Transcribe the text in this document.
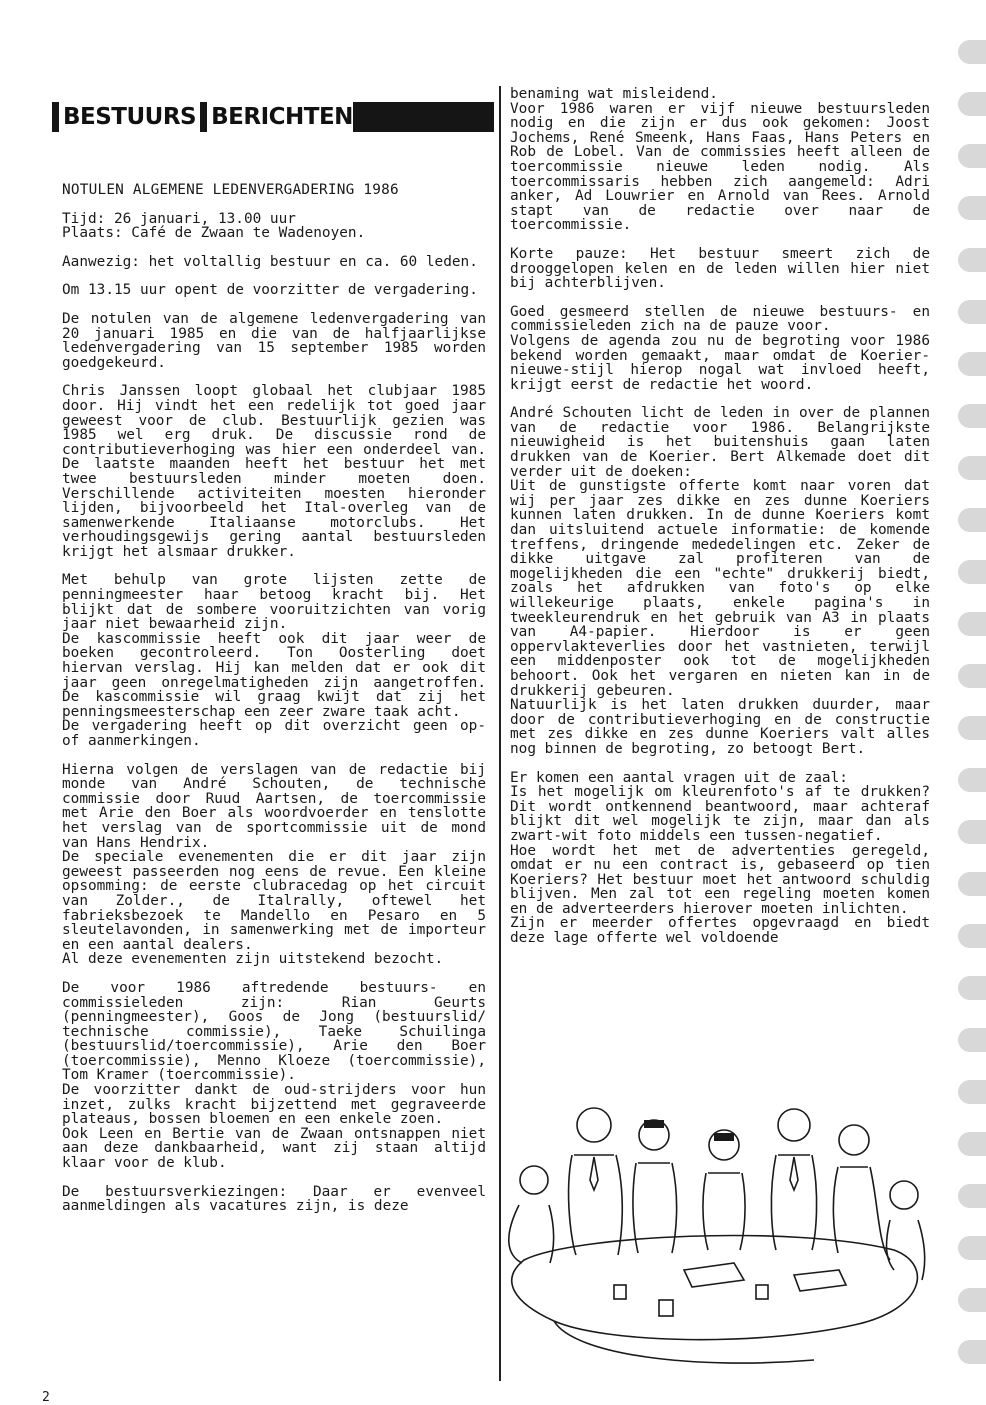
BESTUURS BERICHTEN
NOTULEN ALGEMENE LEDENVERGADERING 1986

Tijd: 26 januari, 13.00 uur
Plaats: Café de Zwaan te Wadenoyen.

Aanwezig: het voltallig bestuur en ca. 60 leden.

Om 13.15 uur opent de voorzitter de vergadering.

De notulen van de algemene ledenvergadering van 20 januari 1985 en die van de halfjaarlijkse ledenvergadering van 15 september 1985 worden goedgekeurd.

Chris Janssen loopt globaal het clubjaar 1985 door. Hij vindt het een redelijk tot goed jaar geweest voor de club. Bestuurlijk gezien was 1985 wel erg druk. De discussie rond de contributieverhoging was hier een onderdeel van. De laatste maanden heeft het bestuur het met twee bestuursleden minder moeten doen. Verschillende activiteiten moesten hieronder lijden, bijvoorbeeld het Ital-overleg van de samenwerkende Italiaanse motorclubs. Het verhoudingsgewijs gering aantal bestuursleden krijgt het alsmaar drukker.

Met behulp van grote lijsten zette de penningmeester haar betoog kracht bij. Het blijkt dat de sombere vooruitzichten van vorig jaar niet bewaarheid zijn.
De kascommissie heeft ook dit jaar weer de boeken gecontroleerd. Ton Oosterling doet hiervan verslag. Hij kan melden dat er ook dit jaar geen onregelmatigheden zijn aangetroffen. De kascommissie wil graag kwijt dat zij het penningsmeesterschap een zeer zware taak acht.
De vergadering heeft op dit overzicht geen op- of aanmerkingen.

Hierna volgen de verslagen van de redactie bij monde van André Schouten, de technische commissie door Ruud Aartsen, de toercommissie met Arie den Boer als woordvoerder en tenslotte het verslag van de sportcommissie uit de mond van Hans Hendrix.
De speciale evenementen die er dit jaar zijn geweest passeerden nog eens de revue. Een kleine opsomming: de eerste clubracedag op het circuit van Zolder., de Italrally, oftewel het fabrieksbezoek te Mandello en Pesaro en 5 sleutelavonden, in samenwerking met de importeur en een aantal dealers.
Al deze evenementen zijn uitstekend bezocht.

De voor 1986 aftredende bestuurs- en commissieleden zijn: Rian Geurts (penningmeester), Goos de Jong (bestuurslid/ technische commissie), Taeke Schuilinga (bestuurslid/toercommissie), Arie den Boer (toercommissie), Menno Kloeze (toercommissie), Tom Kramer (toercommissie).
De voorzitter dankt de oud-strijders voor hun inzet, zulks kracht bijzettend met gegraveerde plateaus, bossen bloemen en een enkele zoen.
Ook Leen en Bertie van de Zwaan ontsnappen niet aan deze dankbaarheid, want zij staan altijd klaar voor de klub.

De bestuursverkiezingen: Daar er evenveel aanmeldingen als vacatures zijn, is deze

benaming wat misleidend.
Voor 1986 waren er vijf nieuwe bestuursleden nodig en die zijn er dus ook gekomen: Joost Jochems, René Smeenk, Hans Faas, Hans Peters en Rob de Lobel. Van de commissies heeft alleen de toercommissie nieuwe leden nodig. Als toercommissaris hebben zich aangemeld: Adri anker, Ad Louwrier en Arnold van Rees. Arnold stapt van de redactie over naar de toercommissie.

Korte pauze: Het bestuur smeert zich de drooggelopen kelen en de leden willen hier niet bij achterblijven.

Goed gesmeerd stellen de nieuwe bestuurs- en commissieleden zich na de pauze voor.
Volgens de agenda zou nu de begroting voor 1986 bekend worden gemaakt, maar omdat de Koerier-nieuwe-stijl hierop nogal wat invloed heeft, krijgt eerst de redactie het woord.

André Schouten licht de leden in over de plannen van de redactie voor 1986. Belangrijkste nieuwigheid is het buitenshuis gaan laten drukken van de Koerier. Bert Alkemade doet dit verder uit de doeken:
Uit de gunstigste offerte komt naar voren dat wij per jaar zes dikke en zes dunne Koeriers kunnen laten drukken. In de dunne Koeriers komt dan uitsluitend actuele informatie: de komende treffens, dringende mededelingen etc. Zeker de dikke uitgave zal profiteren van de mogelijkheden die een "echte" drukkerij biedt, zoals het afdrukken van foto's op elke willekeurige plaats, enkele pagina's in tweekleurendruk en het gebruik van A3 in plaats van A4-papier. Hierdoor is er geen oppervlakteverlies door het vastnieten, terwijl een middenposter ook tot de mogelijkheden behoort. Ook het vergaren en nieten kan in de drukkerij gebeuren.
Natuurlijk is het laten drukken duurder, maar door de contributieverhoging en de constructie met zes dikke en zes dunne Koeriers valt alles nog binnen de begroting, zo betoogt Bert.

Er komen een aantal vragen uit de zaal:
Is het mogelijk om kleurenfoto's af te drukken? Dit wordt ontkennend beantwoord, maar achteraf blijkt dit wel mogelijk te zijn, maar dan als zwart-wit foto middels een tussen-negatief.
Hoe wordt het met de advertenties geregeld, omdat er nu een contract is, gebaseerd op tien Koeriers? Het bestuur moet het antwoord schuldig blijven. Men zal tot een regeling moeten komen en de adverteerders hierover moeten inlichten.
Zijn er meerder offertes opgevraagd en biedt deze lage offerte wel voldoende

2
